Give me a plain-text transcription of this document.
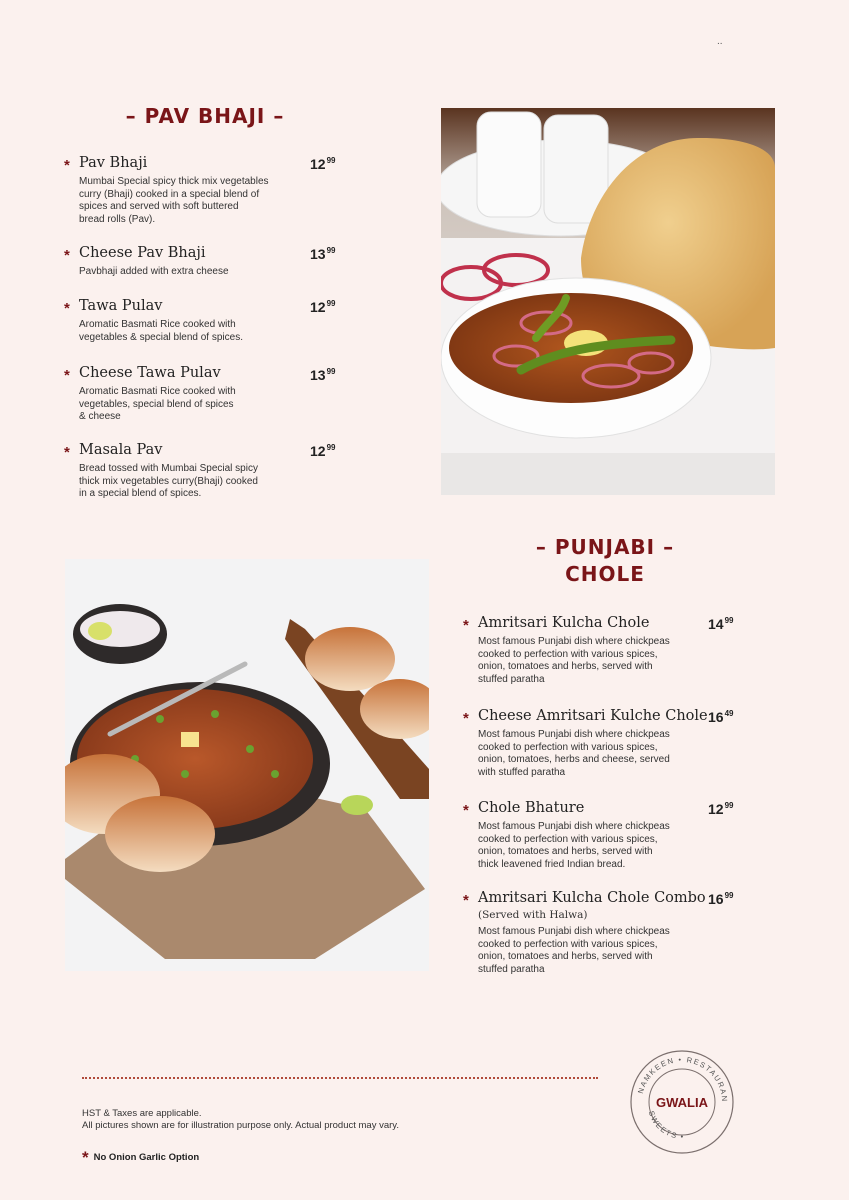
..
– PAV BHAJI –
* Pav Bhaji
Mumbai Special spicy thick mix vegetables
curry (Bhaji) cooked in a special blend of
spices and served with soft buttered
bread rolls (Pav).
$12^{99}$
* Cheese Pav Bhaji
Pavbhaji added with extra cheese
$13^{99}$
* Tawa Pulav
Aromatic Basmati Rice cooked with
vegetables & special blend of spices.
$12^{99}$
* Cheese Tawa Pulav
Aromatic Basmati Rice cooked with
vegetables, special blend of spices
& cheese
$13^{99}$
* Masala Pav
Bread tossed with Mumbai Special spicy
thick mix vegetables curry(Bhaji) cooked
in a special blend of spices.
$12^{99}$
– PUNJABI –
CHOLE
* Amritsari Kulcha Chole
Most famous Punjabi dish where chickpeas
cooked to perfection with various spices,
onion, tomatoes and herbs, served with
stuffed paratha
$14^{99}$
* Cheese Amritsari Kulche Chole
Most famous Punjabi dish where chickpeas
cooked to perfection with various spices,
onion, tomatoes, herbs and cheese, served
with stuffed paratha
$16^{49}$
* Chole Bhature
Most famous Punjabi dish where chickpeas
cooked to perfection with various spices,
onion, tomatoes and herbs, served with
thick leavened fried Indian bread.
$12^{99}$
* Amritsari Kulcha Chole Combo
(Served with Halwa)
Most famous Punjabi dish where chickpeas
cooked to perfection with various spices,
onion, tomatoes and herbs, served with
stuffed paratha
$16^{99}$
HST & Taxes are applicable.
All pictures shown are for illustration purpose only. Actual product may vary.
* No Onion Garlic Option
NAMKEEN • RESTAURAN
SWEETS •
GWALIA
